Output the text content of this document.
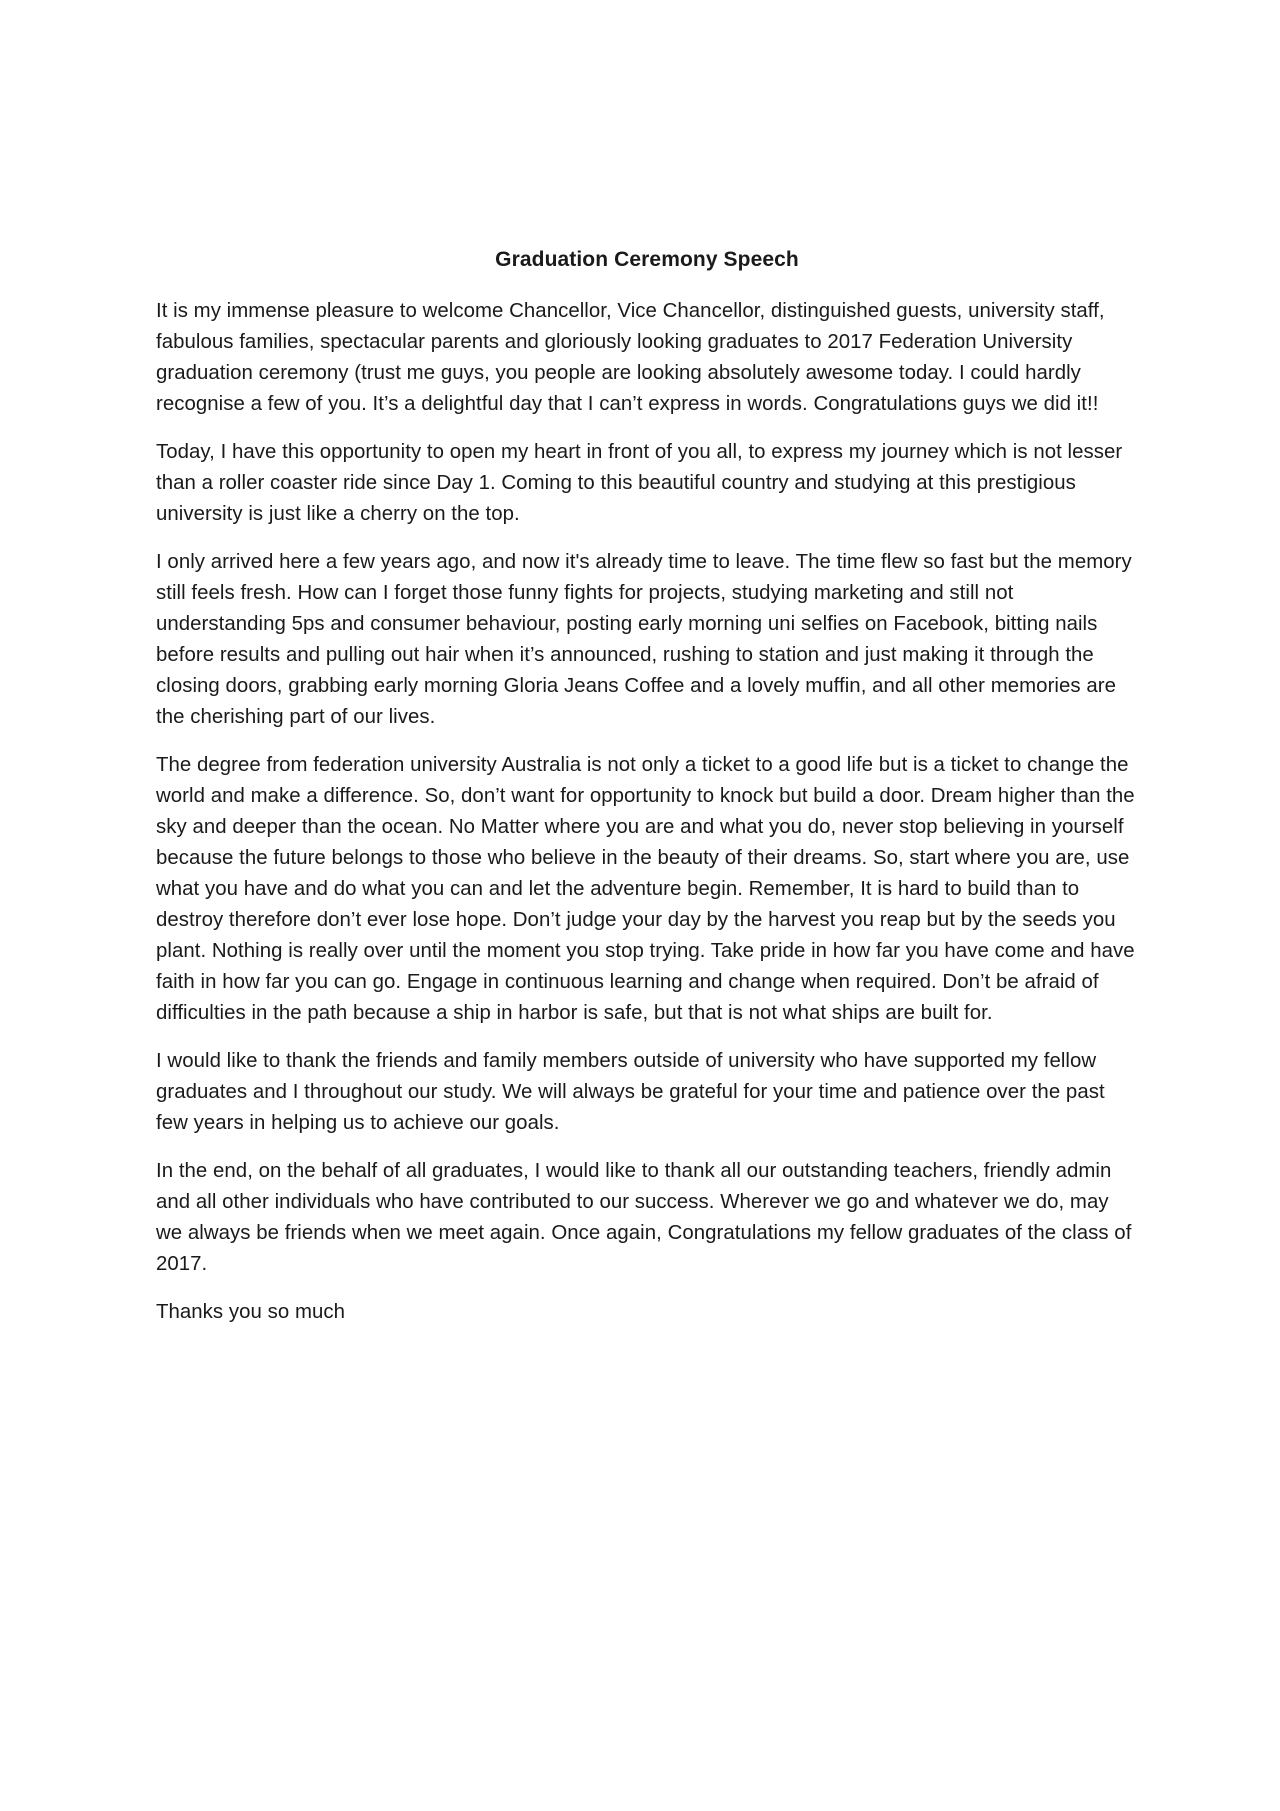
Graduation Ceremony Speech

It is my immense pleasure to welcome Chancellor, Vice Chancellor, distinguished guests, university staff, fabulous families, spectacular parents and gloriously looking graduates to 2017 Federation University graduation ceremony (trust me guys, you people are looking absolutely awesome today. I could hardly recognise a few of you. It’s a delightful day that I can’t express in words. Congratulations guys we did it!!

Today, I have this opportunity to open my heart in front of you all, to express my journey which is not lesser than a roller coaster ride since Day 1. Coming to this beautiful country and studying at this prestigious university is just like a cherry on the top.

I only arrived here a few years ago, and now it's already time to leave. The time flew so fast but the memory still feels fresh. How can I forget those funny fights for projects, studying marketing and still not understanding 5ps and consumer behaviour, posting early morning uni selfies on Facebook, bitting nails before results and pulling out hair when it’s announced, rushing to station and just making it through the closing doors, grabbing early morning Gloria Jeans Coffee and a lovely muffin, and all other memories are the cherishing part of our lives.

The degree from federation university Australia is not only a ticket to a good life but is a ticket to change the world and make a difference. So, don’t want for opportunity to knock but build a door. Dream higher than the sky and deeper than the ocean. No Matter where you are and what you do, never stop believing in yourself because the future belongs to those who believe in the beauty of their dreams. So, start where you are, use what you have and do what you can and let the adventure begin. Remember, It is hard to build than to destroy therefore don’t ever lose hope. Don’t judge your day by the harvest you reap but by the seeds you plant. Nothing is really over until the moment you stop trying. Take pride in how far you have come and have faith in how far you can go. Engage in continuous learning and change when required. Don’t be afraid of difficulties in the path because a ship in harbor is safe, but that is not what ships are built for.

I would like to thank the friends and family members outside of university who have supported my fellow graduates and I throughout our study. We will always be grateful for your time and patience over the past few years in helping us to achieve our goals.

In the end, on the behalf of all graduates, I would like to thank all our outstanding teachers, friendly admin and all other individuals who have contributed to our success. Wherever we go and whatever we do, may we always be friends when we meet again. Once again, Congratulations my fellow graduates of the class of 2017.

Thanks you so much
